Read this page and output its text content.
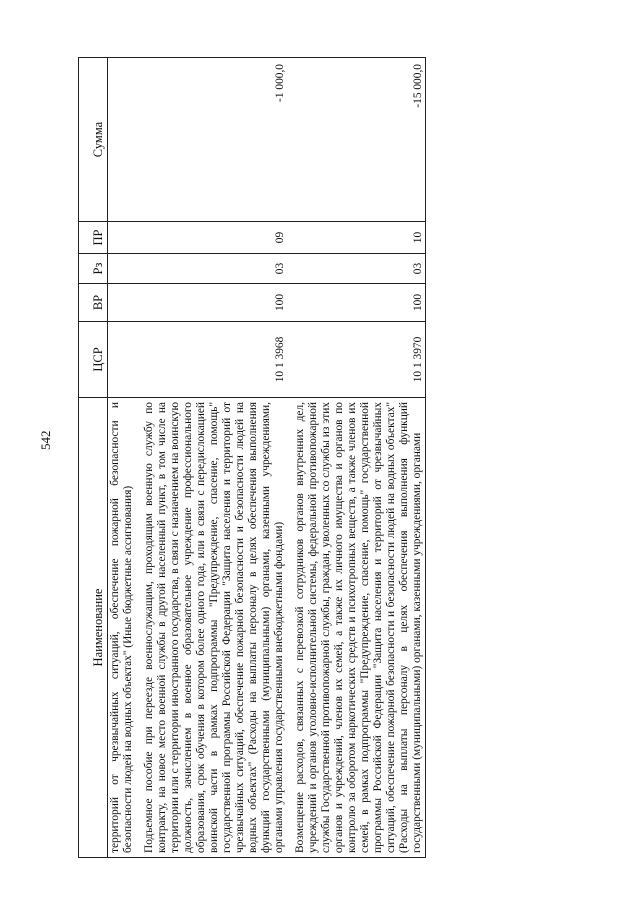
542
Наименование	ЦСР	ВР	Рз	ПР	Сумма
территорий от чрезвычайных ситуаций, обеспечение пожарной безопасности и безопасности людей на водных объектах" (Иные бюджетные ассигнования)					

Подъемное пособие при переезде военнослужащим, проходящим военную службу по контракту, на новое место военной службы в другой населенный пункт, в том числе на территории или с территории иностранного государства, в связи с назначением на воинскую должность, зачислением в военное образовательное учреждение профессионального образования, срок обучения в котором более одного года, или в связи с передислокацией воинской части в рамках подпрограммы "Предупреждение, спасение, помощь" государственной программы Российской Федерации "Защита населения и территорий от чрезвычайных ситуаций, обеспечение пожарной безопасности и безопасности людей на водных объектах" (Расходы на выплаты персоналу в целях обеспечения выполнения функций государственными (муниципальными) органами, казенными учреждениями, органами управления государственными внебюджетными фондами)	10 1 3968	100	03	09	-1 000,0

Возмещение расходов, связанных с перевозкой сотрудников органов внутренних дел, учреждений и органов уголовно-исполнительной системы, федеральной противопожарной службы Государственной противопожарной службы, граждан, уволенных со службы из этих органов и учреждений, членов их семей, а также их личного имущества и органов по контролю за оборотом наркотических средств и психотропных веществ, а также членов их семей, в рамках подпрограммы "Предупреждение, спасение, помощь" государственной программы Российской Федерации "Защита населения и территорий от чрезвычайных ситуаций, обеспечение пожарной безопасности и безопасности людей на водных объектах" (Расходы на выплаты персоналу в целях обеспечения выполнения функций государственными (муниципальными) органами, казенными учреждениями, органами	10 1 3970	100	03	10	-15 000,0
